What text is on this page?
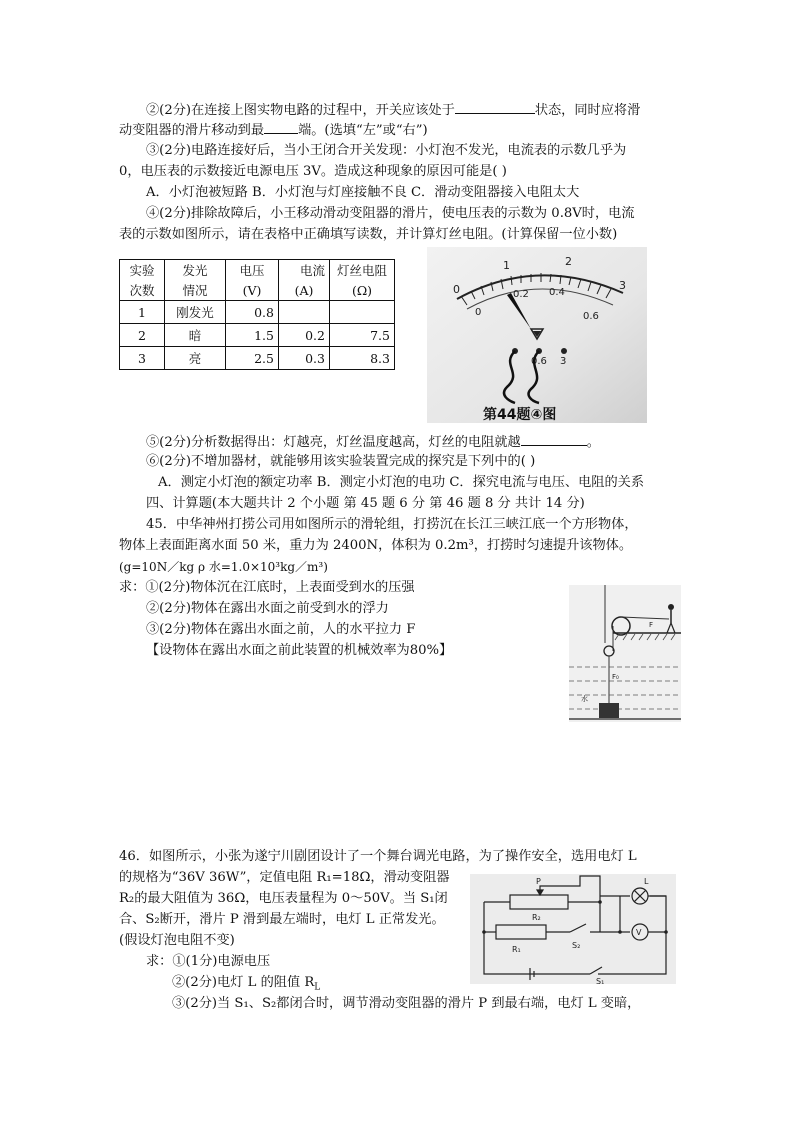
②(2分)在连接上图实物电路的过程中，开关应该处于	状态，同时应将滑
动变阻器的滑片移动到最	端。(选填“左”或“右”)
③(2分)电路连接好后，当小王闭合开关发现：小灯泡不发光，电流表的示数几乎为
0，电压表的示数接近电源电压 3V。造成这种现象的原因可能是( )
A．小灯泡被短路 B．小灯泡与灯座接触不良 C．滑动变阻器接入电阻太大
④(2分)排除故障后，小王移动滑动变阻器的滑片，使电压表的示数为 0.8V时，电流
表的示数如图所示，请在表格中正确填写读数，并计算灯丝电阻。(计算保留一位小数)
实验	发光	电压	电流	灯丝电阻
次数	情况	(V)	(A)	(Ω)
1	刚发光	0.8		
2	暗	1.5	0.2	7.5
3	亮	2.5	0.3	8.3
0
1	2
3
0
0.2 0.4
0.6
0.6 3
第44题④图
⑤(2分)分析数据得出：灯越亮，灯丝温度越高，灯丝的电阻就越	。
⑥(2分)不增加器材，就能够用该实验装置完成的探究是下列中的( )
A．测定小灯泡的额定功率 B．测定小灯泡的电功 C．探究电流与电压、电阻的关系
四、计算题(本大题共计 2 个小题 第 45 题 6 分 第 46 题 8 分 共计 14 分)
45．中华神州打捞公司用如图所示的滑轮组，打捞沉在长江三峡江底一个方形物体，
物体上表面距离水面 50 米，重力为 2400N，体积为 0.2m³，打捞时匀速提升该物体。
(g=10N／kg ρ 水=1.0×10³kg／m³)
求：①(2分)物体沉在江底时，上表面受到水的压强
②(2分)物体在露出水面之前受到水的浮力
③(2分)物体在露出水面之前，人的水平拉力 F
【设物体在露出水面之前此装置的机械效率为80%】
F
F₀
水
46．如图所示，小张为遂宁川剧团设计了一个舞台调光电路，为了操作安全，选用电灯 L
的规格为“36V 36W”，定值电阻 R₁=18Ω，滑动变阻器
R₂的最大阻值为 36Ω，电压表量程为 0～50V。当 S₁闭
合、S₂断开，滑片 P 滑到最左端时，电灯 L 正常发光。
(假设灯泡电阻不变)
求：①(1分)电源电压
②(2分)电灯 L 的阻值 $R_L$
③(2分)当 S₁、S₂都闭合时，调节滑动变阻器的滑片 P 到最右端，电灯 L 变暗，
P
R₂
R₁	S₂
S₁
L
V
